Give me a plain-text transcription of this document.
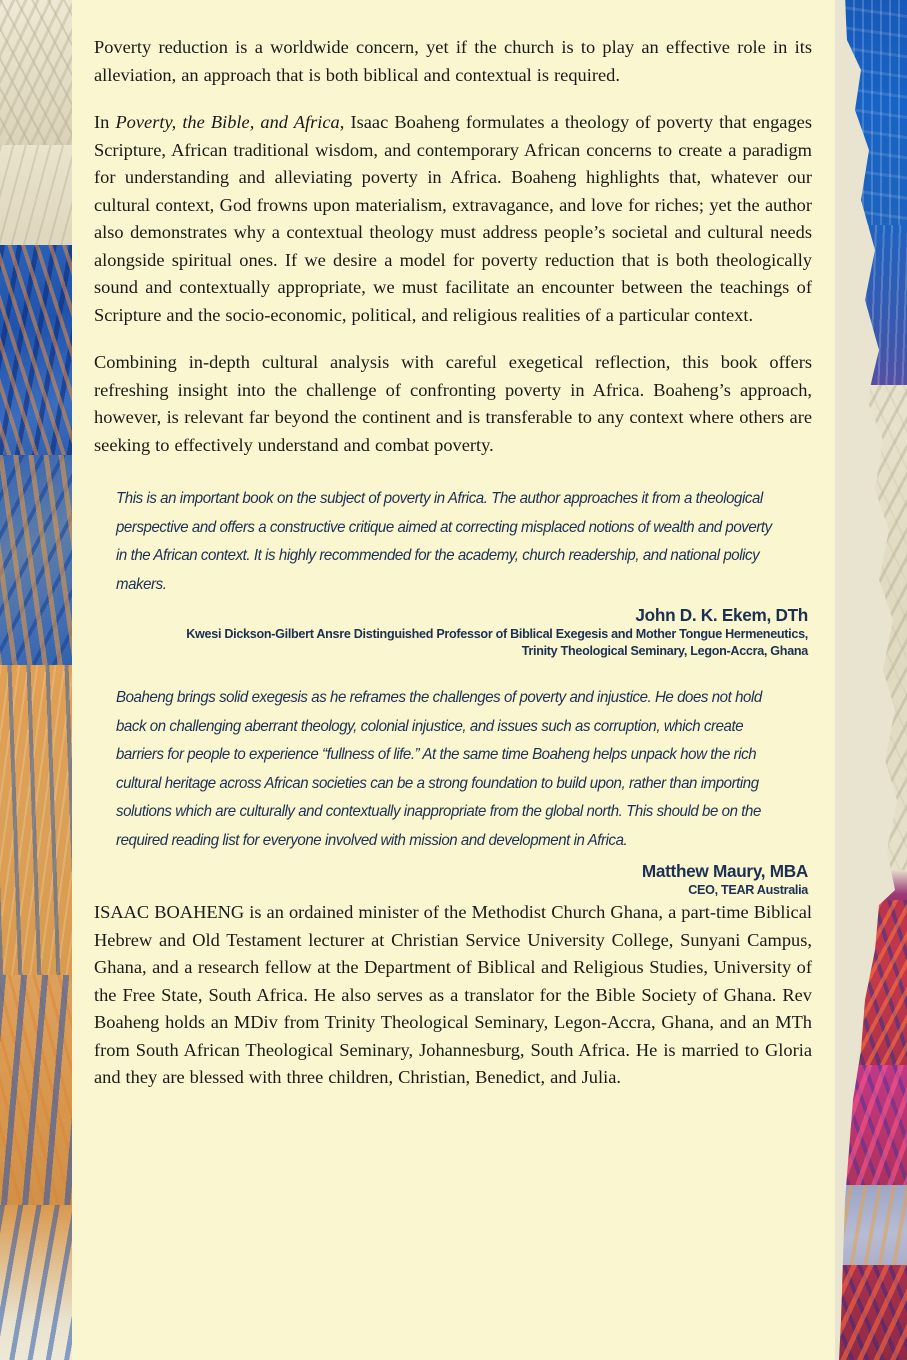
Poverty reduction is a worldwide concern, yet if the church is to play an effective role in its alleviation, an approach that is both biblical and contextual is required.

In Poverty, the Bible, and Africa, Isaac Boaheng formulates a theology of poverty that engages Scripture, African traditional wisdom, and contemporary African concerns to create a paradigm for understanding and alleviating poverty in Africa. Boaheng highlights that, whatever our cultural context, God frowns upon materialism, extravagance, and love for riches; yet the author also demonstrates why a contextual theology must address people’s societal and cultural needs alongside spiritual ones. If we desire a model for poverty reduction that is both theologically sound and contextually appropriate, we must facilitate an encounter between the teachings of Scripture and the socio-economic, political, and religious realities of a particular context.

Combining in-depth cultural analysis with careful exegetical reflection, this book offers refreshing insight into the challenge of confronting poverty in Africa. Boaheng’s approach, however, is relevant far beyond the continent and is transferable to any context where others are seeking to effectively understand and combat poverty.

This is an important book on the subject of poverty in Africa. The author approaches it from a theological perspective and offers a constructive critique aimed at correcting misplaced notions of wealth and poverty in the African context. It is highly recommended for the academy, church readership, and national policy makers.

John D. K. Ekem, DTh
Kwesi Dickson-Gilbert Ansre Distinguished Professor of Biblical Exegesis and Mother Tongue Hermeneutics,
Trinity Theological Seminary, Legon-Accra, Ghana

Boaheng brings solid exegesis as he reframes the challenges of poverty and injustice. He does not hold back on challenging aberrant theology, colonial injustice, and issues such as corruption, which create barriers for people to experience “fullness of life.” At the same time Boaheng helps unpack how the rich cultural heritage across African societies can be a strong foundation to build upon, rather than importing solutions which are culturally and contextually inappropriate from the global north. This should be on the required reading list for everyone involved with mission and development in Africa.

Matthew Maury, MBA
CEO, TEAR Australia

ISAAC BOAHENG is an ordained minister of the Methodist Church Ghana, a part-time Biblical Hebrew and Old Testament lecturer at Christian Service University College, Sunyani Campus, Ghana, and a research fellow at the Department of Biblical and Religious Studies, University of the Free State, South Africa. He also serves as a translator for the Bible Society of Ghana. Rev Boaheng holds an MDiv from Trinity Theological Seminary, Legon-Accra, Ghana, and an MTh from South African Theological Seminary, Johannesburg, South Africa. He is married to Gloria and they are blessed with three children, Christian, Benedict, and Julia.
